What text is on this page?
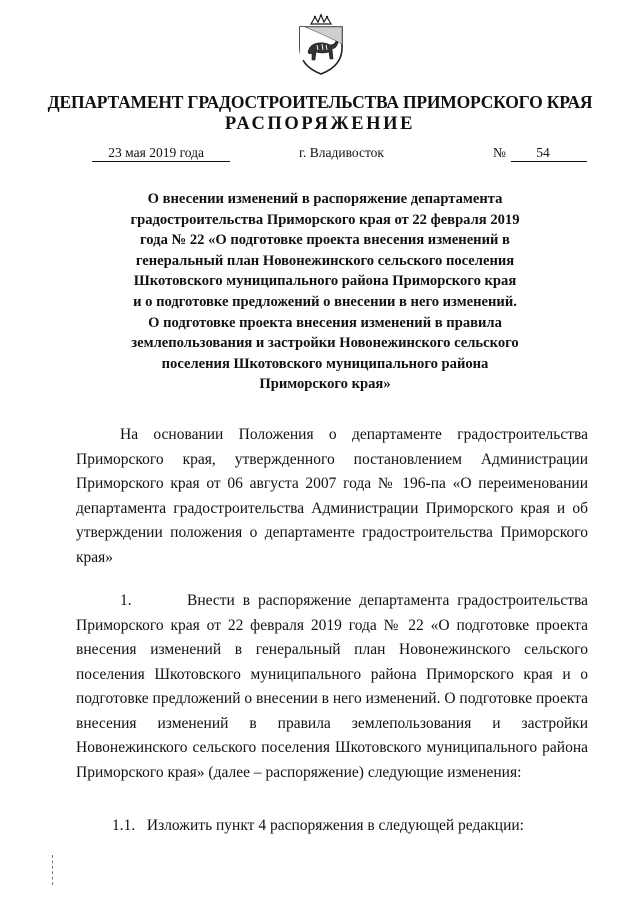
ДЕПАРТАМЕНТ ГРАДОСТРОИТЕЛЬСТВА ПРИМОРСКОГО КРАЯ
РАСПОРЯЖЕНИЕ
23 мая 2019 года	г. Владивосток	№	54
О внесении изменений в распоряжение департамента градостроительства Приморского края от 22 февраля 2019 года № 22 «О подготовке проекта внесения изменений в генеральный план Новонежинского сельского поселения Шкотовского муниципального района Приморского края и о подготовке предложений о внесении в него изменений. О подготовке проекта внесения изменений в правила землепользования и застройки Новонежинского сельского поселения Шкотовского муниципального района Приморского края»
На основании Положения о департаменте градостроительства Приморского края, утвержденного постановлением Администрации Приморского края от 06 августа 2007 года № 196-па «О переименовании департамента градостроительства Администрации Приморского края и об утверждении положения о департаменте градостроительства Приморского края»
1.	Внести в распоряжение департамента градостроительства Приморского края от 22 февраля 2019 года № 22 «О подготовке проекта внесения изменений в генеральный план Новонежинского сельского поселения Шкотовского муниципального района Приморского края и о подготовке предложений о внесении в него изменений. О подготовке проекта внесения изменений в правила землепользования и застройки Новонежинского сельского поселения Шкотовского муниципального района Приморского края» (далее – распоряжение) следующие изменения:
1.1. Изложить пункт 4 распоряжения в следующей редакции:
